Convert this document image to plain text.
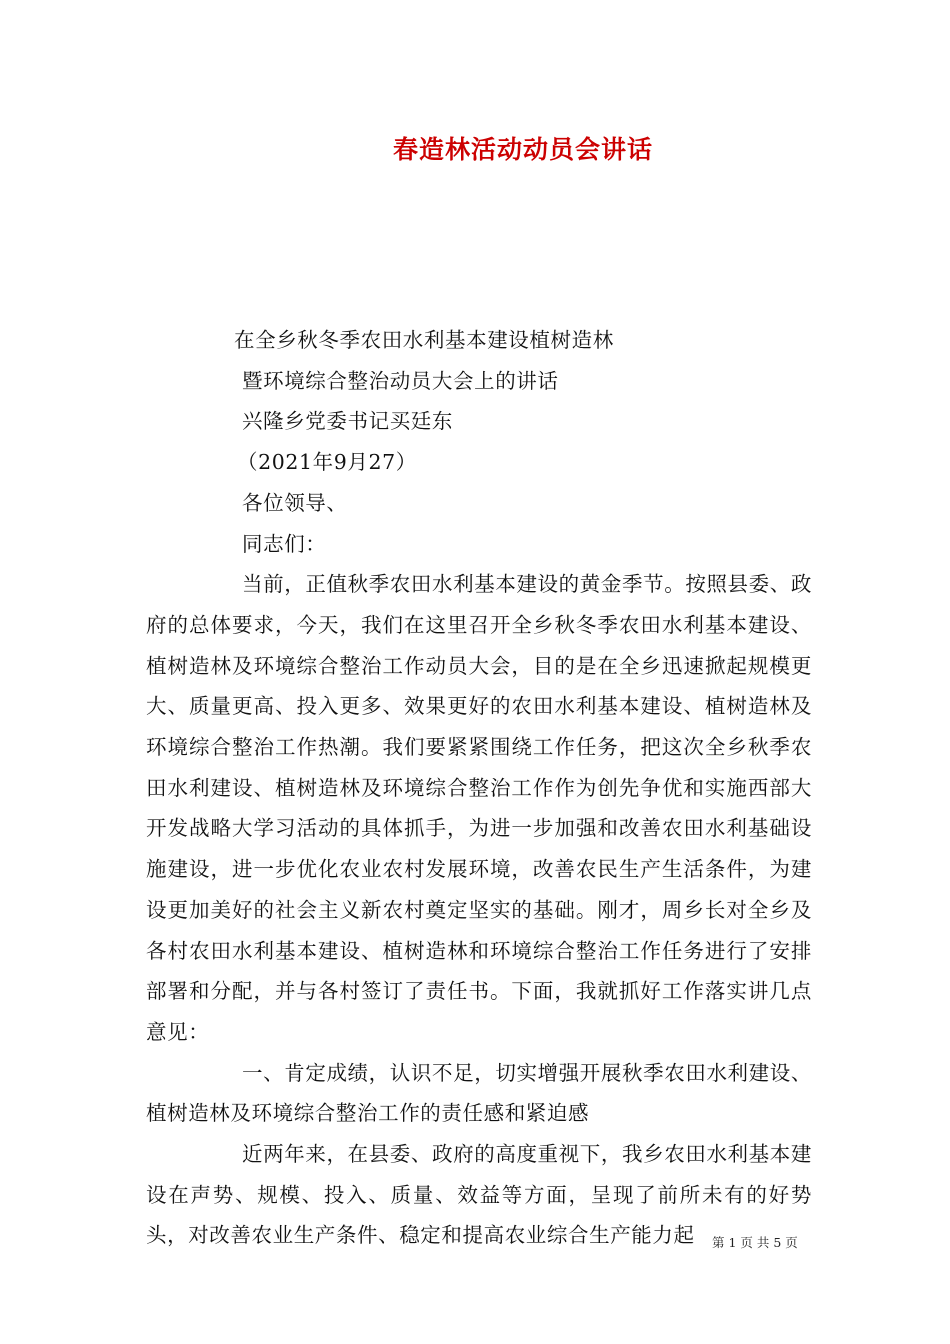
春造林活动动员会讲话

在全乡秋冬季农田水利基本建设植树造林

暨环境综合整治动员大会上的讲话

兴隆乡党委书记买廷东

（2021年9月27）

各位领导、

同志们：

当前，正值秋季农田水利基本建设的黄金季节。按照县委、政府的总体要求，今天，我们在这里召开全乡秋冬季农田水利基本建设、植树造林及环境综合整治工作动员大会，目的是在全乡迅速掀起规模更大、质量更高、投入更多、效果更好的农田水利基本建设、植树造林及环境综合整治工作热潮。我们要紧紧围绕工作任务，把这次全乡秋季农田水利建设、植树造林及环境综合整治工作作为创先争优和实施西部大开发战略大学习活动的具体抓手，为进一步加强和改善农田水利基础设施建设，进一步优化农业农村发展环境，改善农民生产生活条件，为建设更加美好的社会主义新农村奠定坚实的基础。刚才，周乡长对全乡及各村农田水利基本建设、植树造林和环境综合整治工作任务进行了安排部署和分配，并与各村签订了责任书。下面，我就抓好工作落实讲几点意见：

一、肯定成绩，认识不足，切实增强开展秋季农田水利建设、植树造林及环境综合整治工作的责任感和紧迫感

近两年来，在县委、政府的高度重视下，我乡农田水利基本建设在声势、规模、投入、质量、效益等方面，呈现了前所未有的好势头，对改善农业生产条件、稳定和提高农业综合生产能力起	第 1 页 共 5 页
